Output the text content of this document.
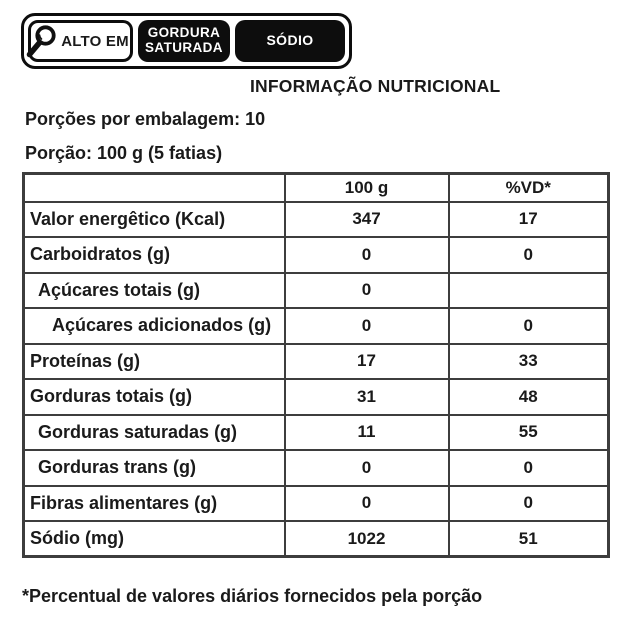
ALTO EM GORDURA
SATURADA	SÓDIO
INFORMAÇÃO NUTRICIONAL
Porções por embalagem: 10
Porção: 100 g (5 fatias)
	100 g	%VD*
Valor energêtico (Kcal)	347	17
Carboidratos (g)	0	0
Açúcares totais (g)	0	
Açúcares adicionados (g)	0	0
Proteínas (g)	17	33
Gorduras totais (g)	31	48
Gorduras saturadas (g)	11	55
Gorduras trans (g)	0	0
Fibras alimentares (g)	0	0
Sódio (mg)	1022	51
*Percentual de valores diários fornecidos pela porção
